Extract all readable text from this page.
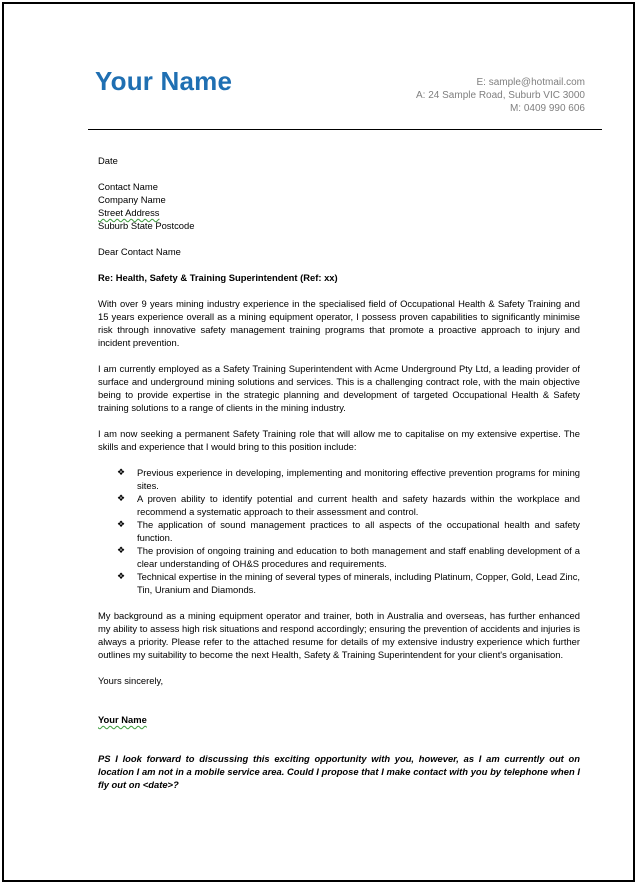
Your Name	E: sample@hotmail.com
A: 24 Sample Road, Suburb VIC 3000
M: 0409 990 606

Date

Contact Name

Company Name

Street Address

Suburb State Postcode

Dear Contact Name

Re: Health, Safety & Training Superintendent (Ref: xx)

With over 9 years mining industry experience in the specialised field of Occupational Health & Safety Training and 15 years experience overall as a mining equipment operator, I possess proven capabilities to significantly minimise risk through innovative safety management training programs that promote a proactive approach to injury and incident prevention.

I am currently employed as a Safety Training Superintendent with Acme Underground Pty Ltd, a leading provider of surface and underground mining solutions and services. This is a challenging contract role, with the main objective being to provide expertise in the strategic planning and development of targeted Occupational Health & Safety training solutions to a range of clients in the mining industry.

I am now seeking a permanent Safety Training role that will allow me to capitalise on my extensive expertise. The skills and experience that I would bring to this position include:

❖ Previous experience in developing, implementing and monitoring effective prevention programs for mining sites.
❖ A proven ability to identify potential and current health and safety hazards within the workplace and recommend a systematic approach to their assessment and control.
❖ The application of sound management practices to all aspects of the occupational health and safety function.
❖ The provision of ongoing training and education to both management and staff enabling development of a clear understanding of OH&S procedures and requirements.
❖ Technical expertise in the mining of several types of minerals, including Platinum, Copper, Gold, Lead Zinc, Tin, Uranium and Diamonds.

My background as a mining equipment operator and trainer, both in Australia and overseas, has further enhanced my ability to assess high risk situations and respond accordingly; ensuring the prevention of accidents and injuries is always a priority. Please refer to the attached resume for details of my extensive industry experience which further outlines my suitability to become the next Health, Safety & Training Superintendent for your client's organisation.

Yours sincerely,

Your Name

PS I look forward to discussing this exciting opportunity with you, however, as I am currently out on location I am not in a mobile service area. Could I propose that I make contact with you by telephone when I fly out on <date>?
